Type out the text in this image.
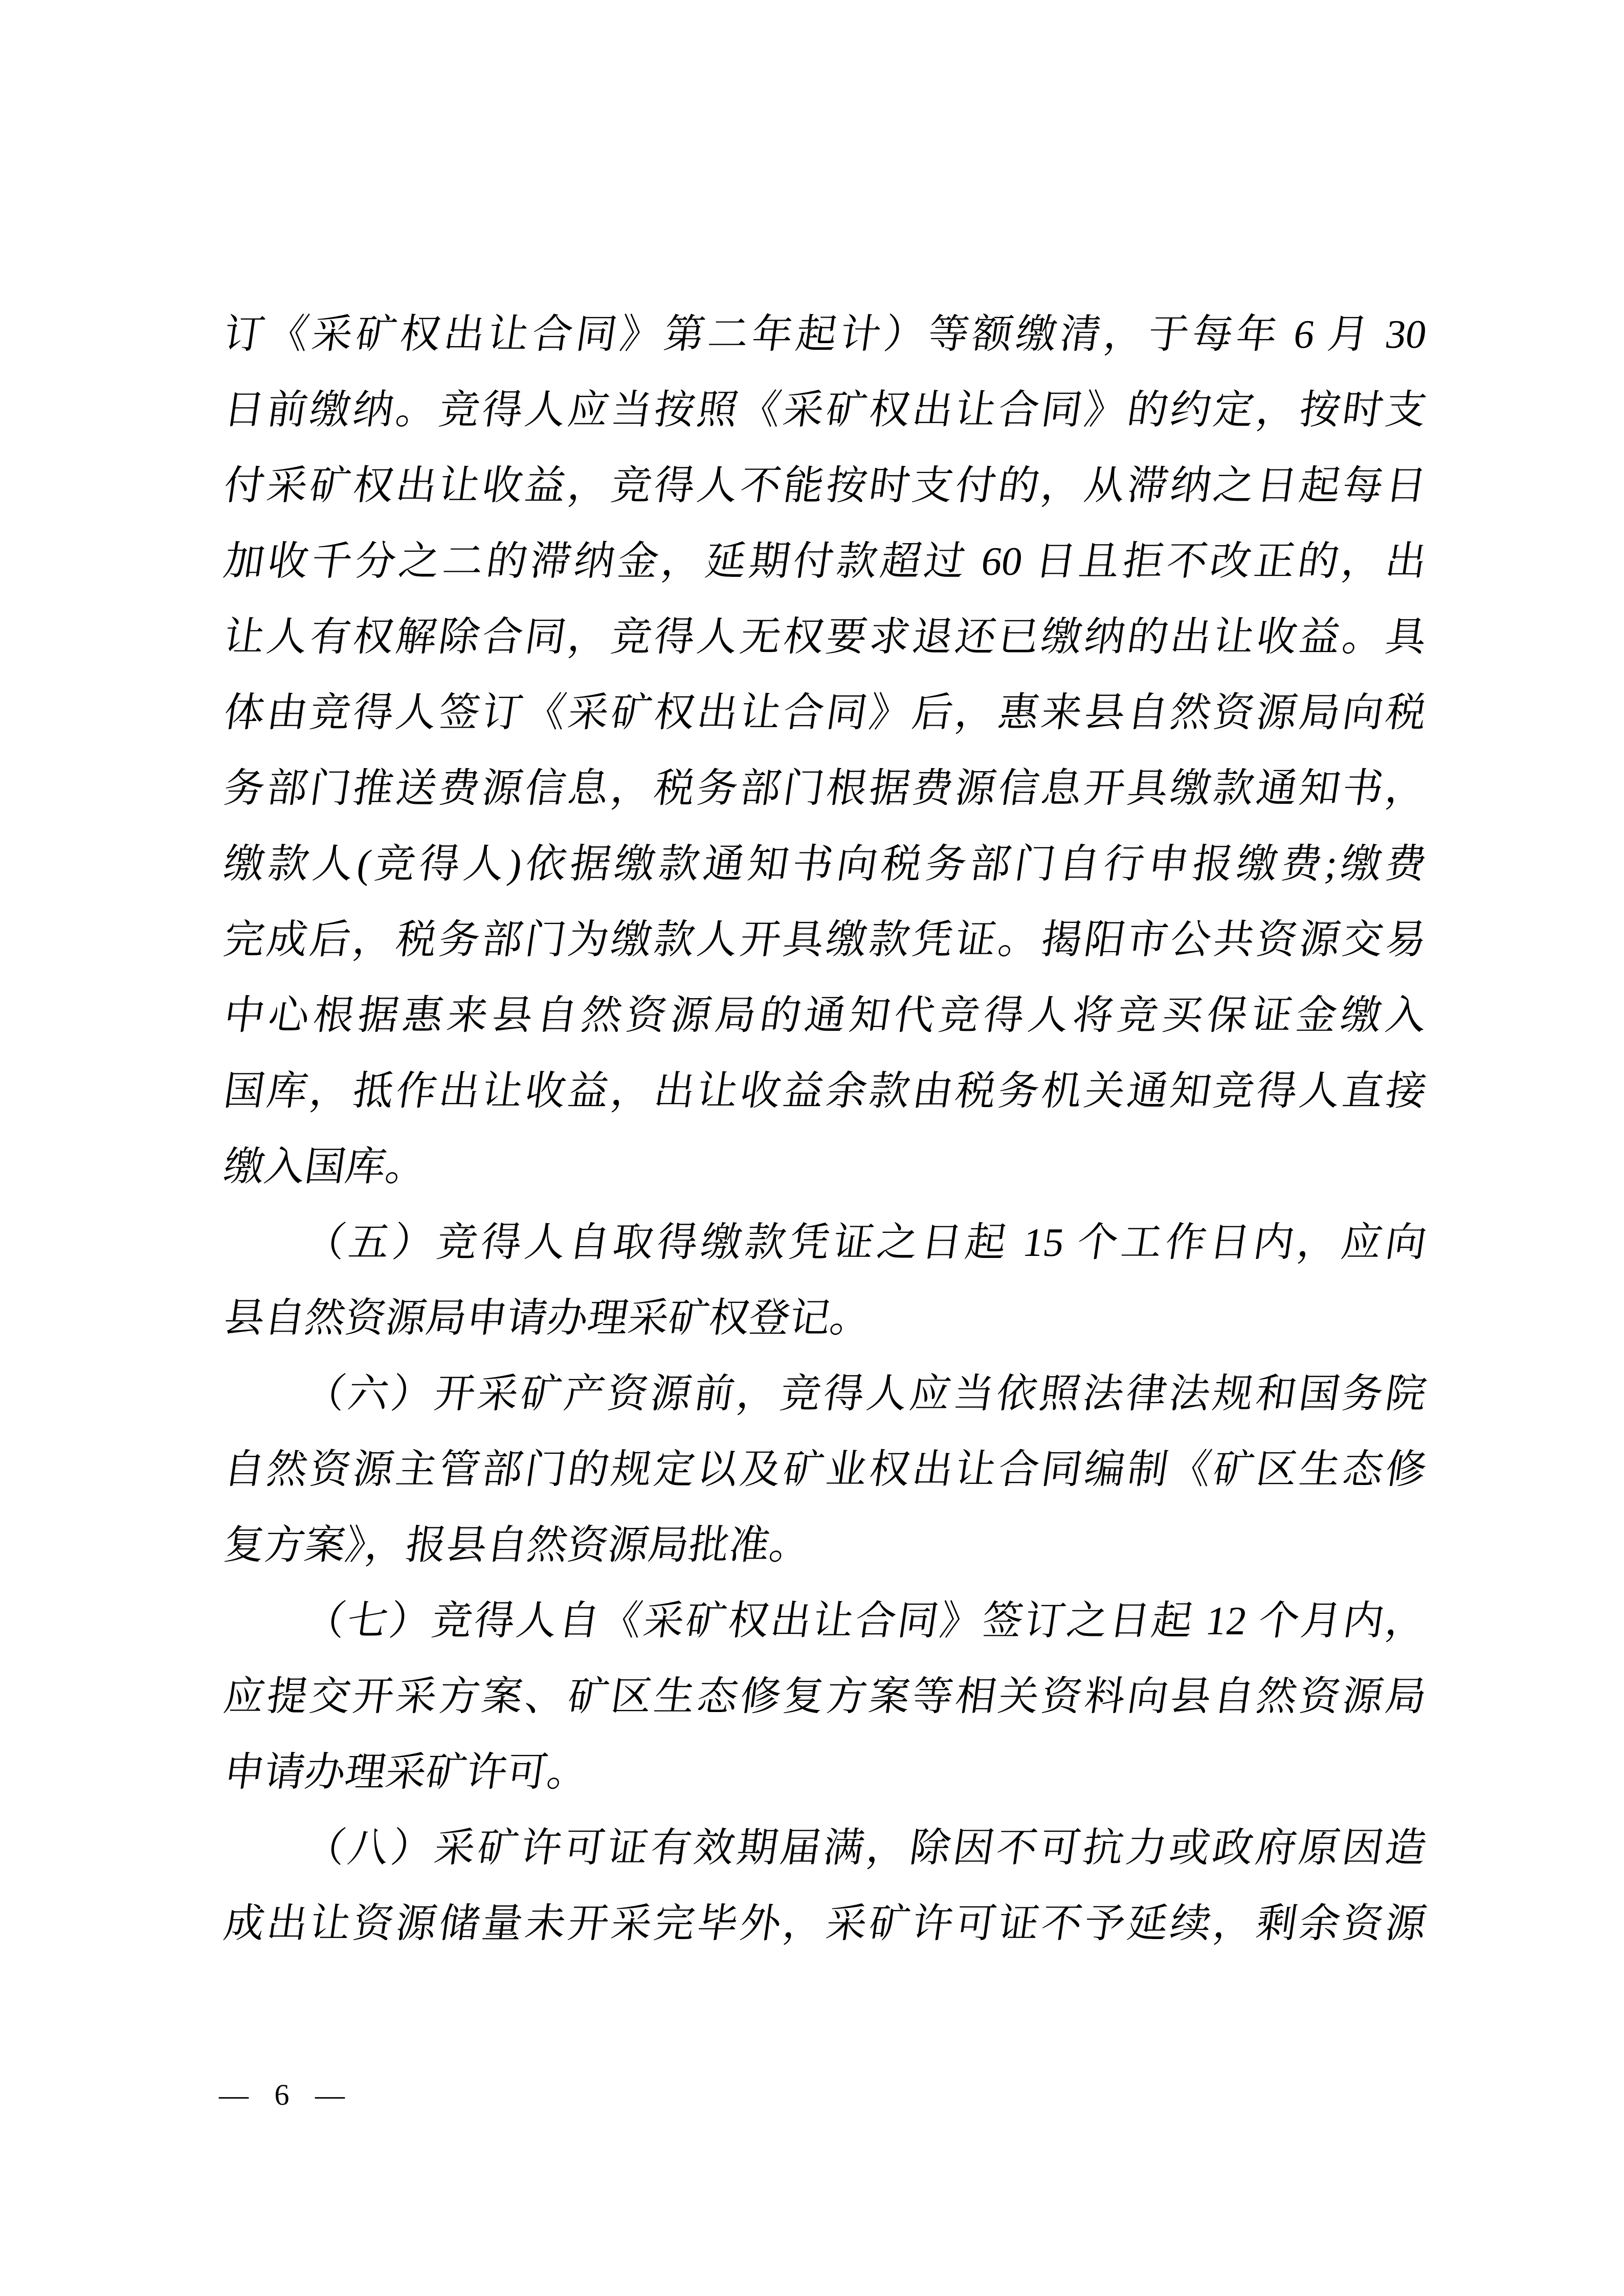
订《采矿权出让合同》第二年起计）等额缴清，于每年 6 月 30
日前缴纳。竞得人应当按照《采矿权出让合同》的约定，按时支
付采矿权出让收益，竞得人不能按时支付的，从滞纳之日起每日
加收千分之二的滞纳金，延期付款超过 60 日且拒不改正的，出
让人有权解除合同，竞得人无权要求退还已缴纳的出让收益。具
体由竞得人签订《采矿权出让合同》后，惠来县自然资源局向税
务部门推送费源信息，税务部门根据费源信息开具缴款通知书，
缴款人(竞得人)依据缴款通知书向税务部门自行申报缴费;缴费
完成后，税务部门为缴款人开具缴款凭证。揭阳市公共资源交易
中心根据惠来县自然资源局的通知代竞得人将竞买保证金缴入
国库，抵作出让收益，出让收益余款由税务机关通知竞得人直接
缴入国库。
（五）竞得人自取得缴款凭证之日起 15 个工作日内，应向
县自然资源局申请办理采矿权登记。
（六）开采矿产资源前，竞得人应当依照法律法规和国务院
自然资源主管部门的规定以及矿业权出让合同编制《矿区生态修
复方案》，报县自然资源局批准。
（七）竞得人自《采矿权出让合同》签订之日起 12 个月内，
应提交开采方案、矿区生态修复方案等相关资料向县自然资源局
申请办理采矿许可。
（八）采矿许可证有效期届满，除因不可抗力或政府原因造
成出让资源储量未开采完毕外，采矿许可证不予延续，剩余资源
— 6 —
